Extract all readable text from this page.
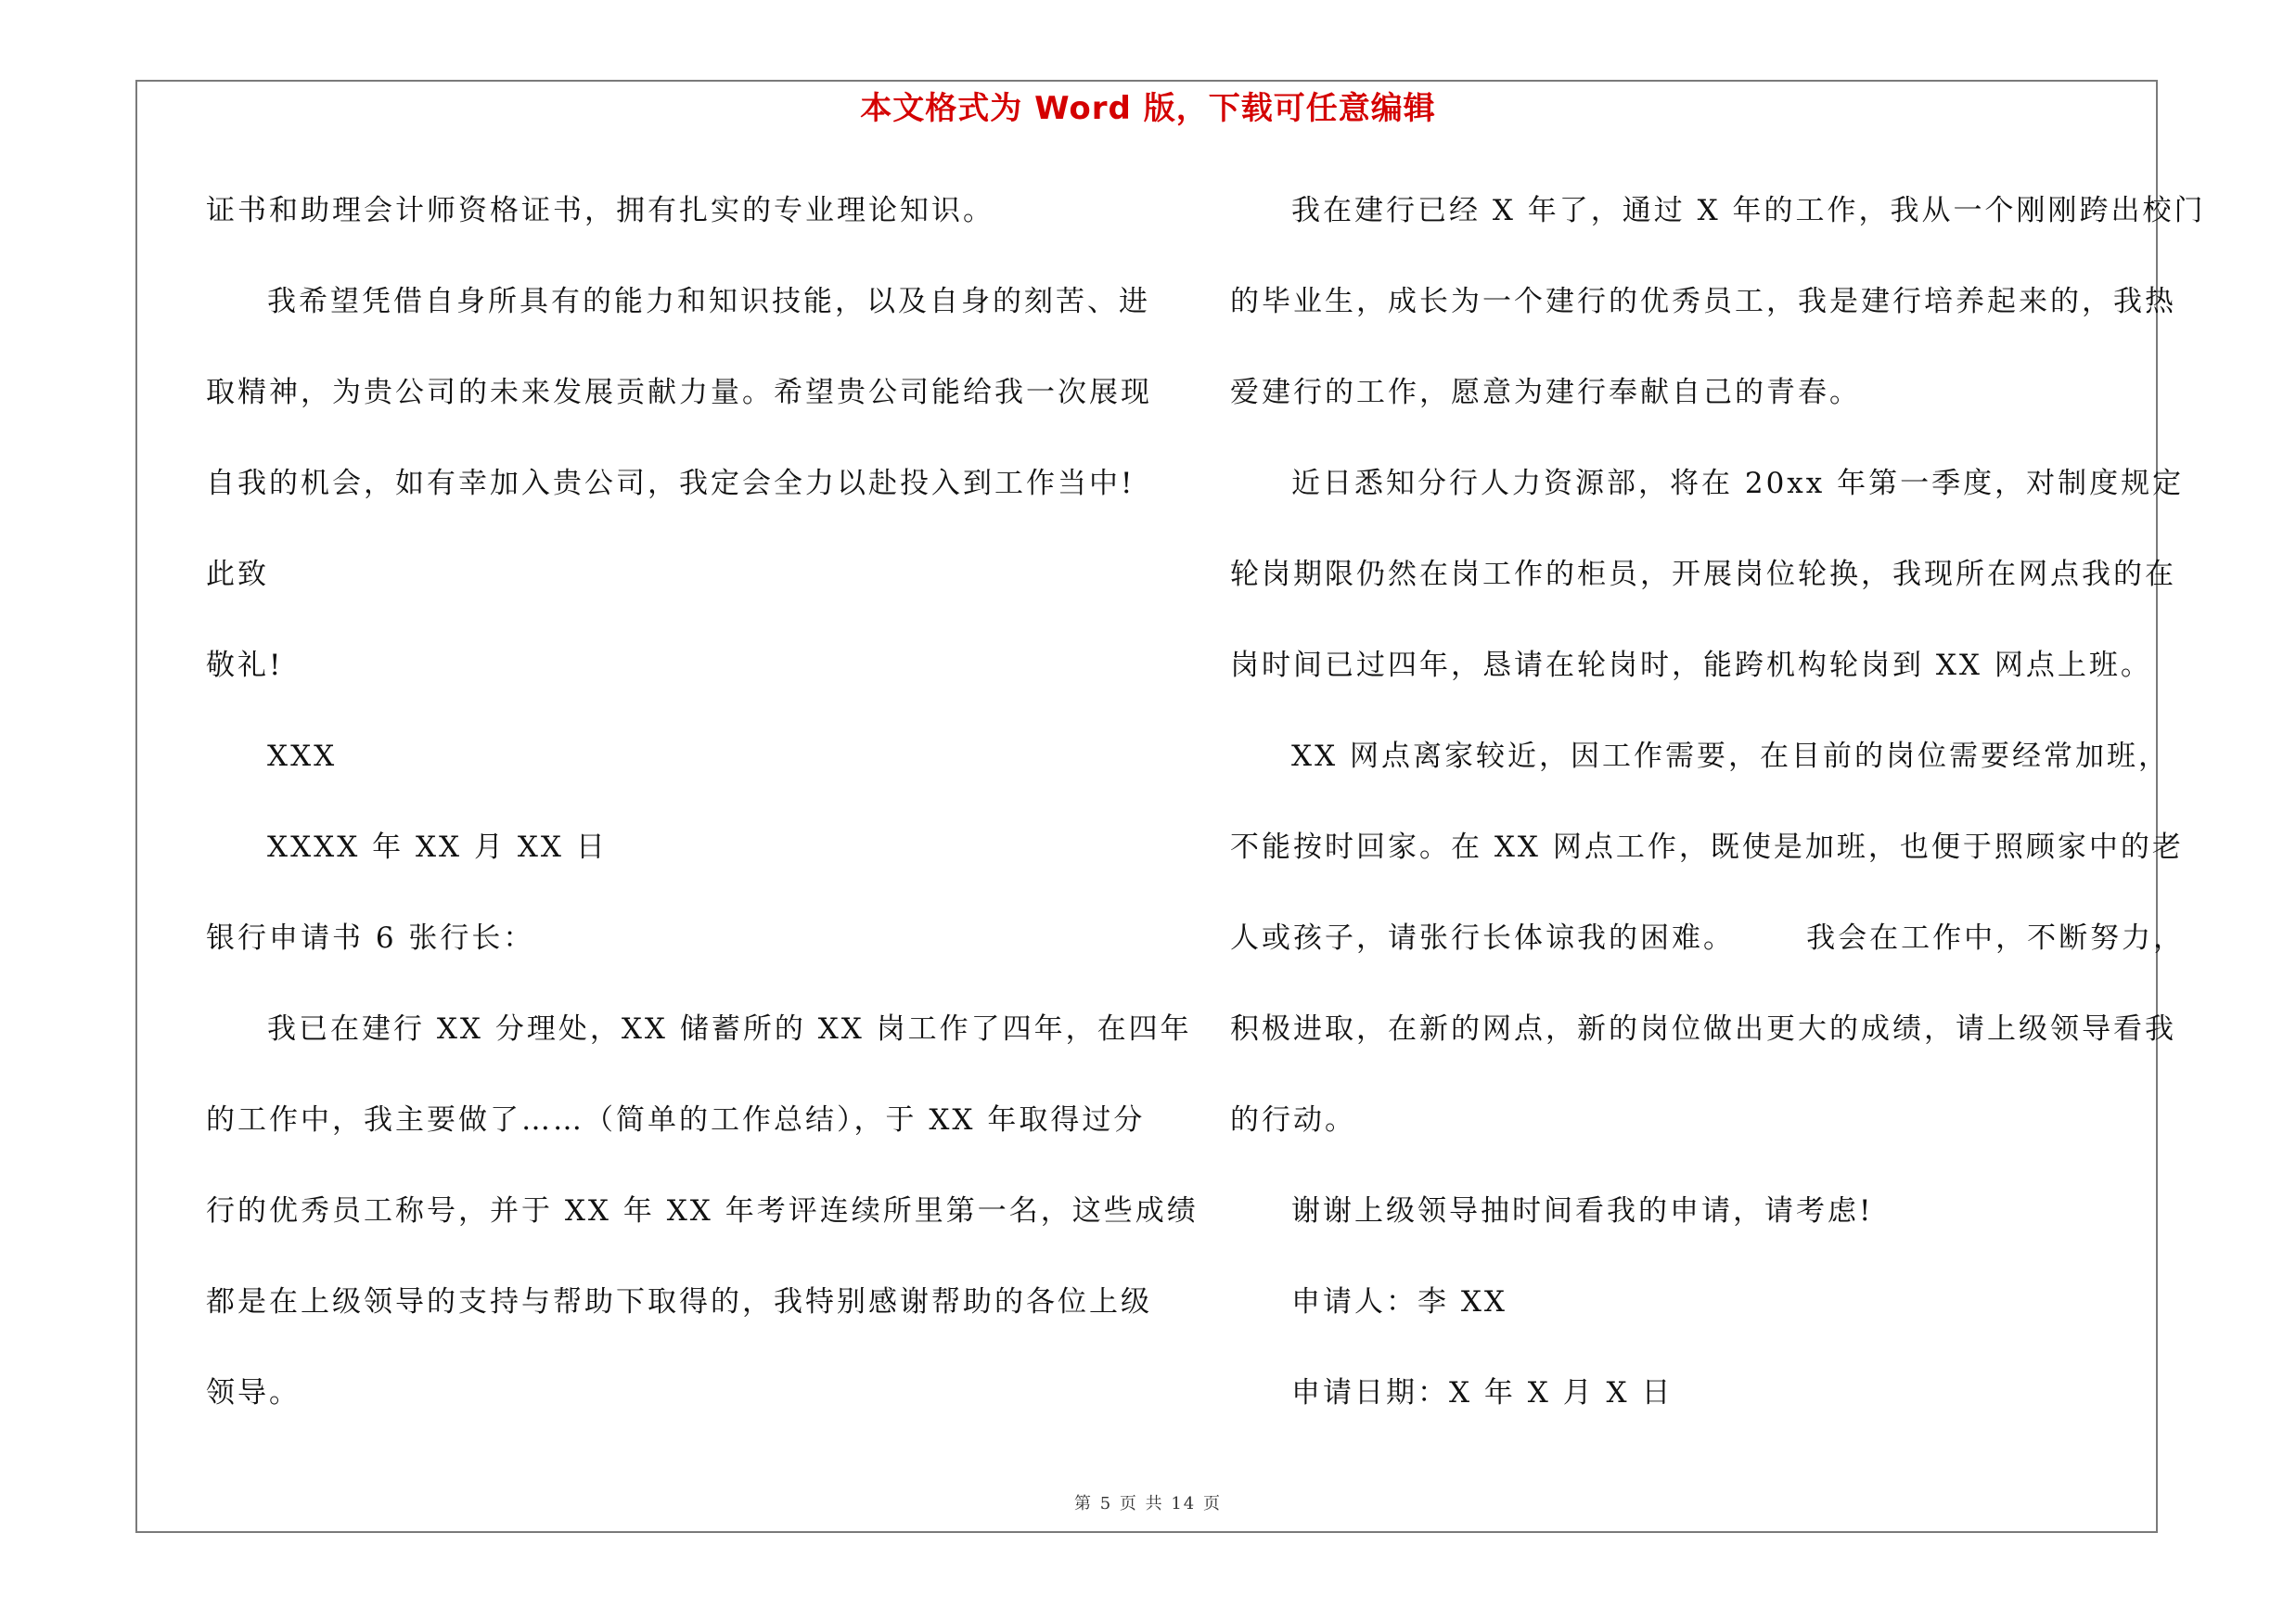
本文格式为 Word 版，下载可任意编辑
证书和助理会计师资格证书，拥有扎实的专业理论知识。
我希望凭借自身所具有的能力和知识技能，以及自身的刻苦、进
取精神，为贵公司的未来发展贡献力量。希望贵公司能给我一次展现
自我的机会，如有幸加入贵公司，我定会全力以赴投入到工作当中!
此致
敬礼!
XXX
XXXX 年 XX 月 XX 日
银行申请书 6 张行长：
我已在建行 XX 分理处，XX 储蓄所的 XX 岗工作了四年，在四年
的工作中，我主要做了……（简单的工作总结），于 XX 年取得过分
行的优秀员工称号，并于 XX 年 XX 年考评连续所里第一名，这些成绩
都是在上级领导的支持与帮助下取得的，我特别感谢帮助的各位上级
领导。
我在建行已经 X 年了，通过 X 年的工作，我从一个刚刚跨出校门
的毕业生，成长为一个建行的优秀员工，我是建行培养起来的，我热
爱建行的工作，愿意为建行奉献自己的青春。
近日悉知分行人力资源部，将在 20xx 年第一季度，对制度规定
轮岗期限仍然在岗工作的柜员，开展岗位轮换，我现所在网点我的在
岗时间已过四年，恳请在轮岗时，能跨机构轮岗到 XX 网点上班。
XX 网点离家较近，因工作需要，在目前的岗位需要经常加班，
不能按时回家。在 XX 网点工作，既使是加班，也便于照顾家中的老
人或孩子，请张行长体谅我的困难。      我会在工作中，不断努力，
积极进取，在新的网点，新的岗位做出更大的成绩，请上级领导看我
的行动。
谢谢上级领导抽时间看我的申请，请考虑!
申请人：李 XX
申请日期：X 年 X 月 X 日
第 5 页 共 14 页
